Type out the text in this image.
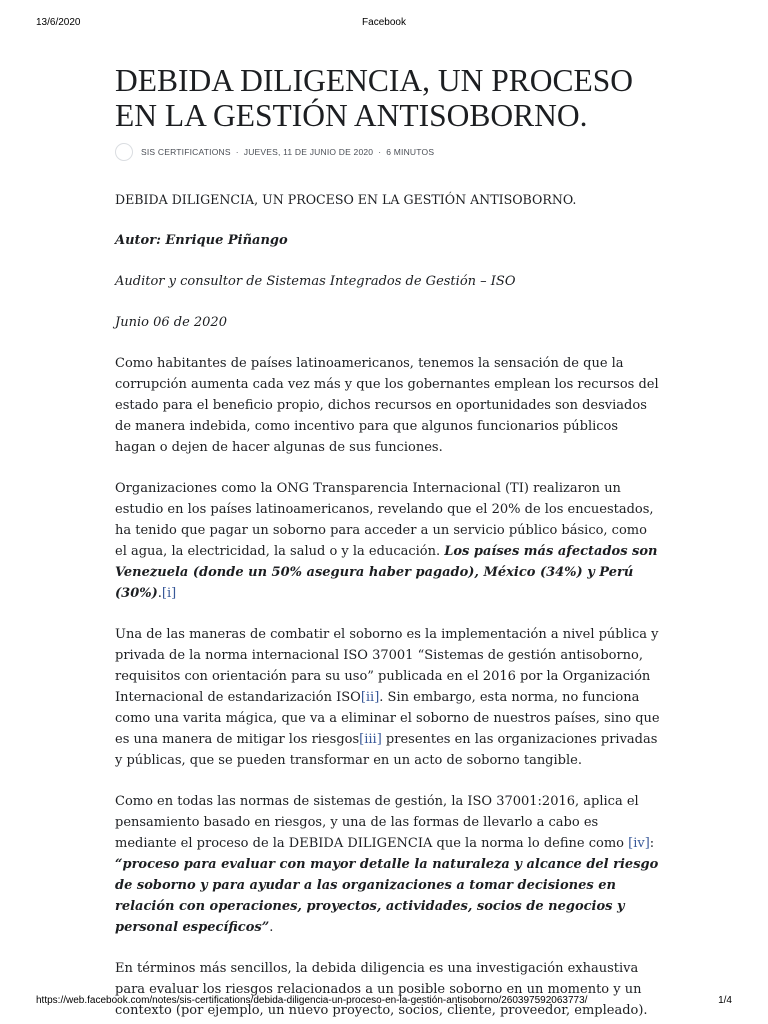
13/6/2020	Facebook
DEBIDA DILIGENCIA, UN PROCESO EN LA GESTIÓN ANTISOBORNO.
SIS CERTIFICATIONS · JUEVES, 11 DE JUNIO DE 2020 · 6 MINUTOS

DEBIDA DILIGENCIA, UN PROCESO EN LA GESTIÓN ANTISOBORNO.

Autor: Enrique Piñango

Auditor y consultor de Sistemas Integrados de Gestión – ISO

Junio 06 de 2020

Como habitantes de países latinoamericanos, tenemos la sensación de que la corrupción aumenta cada vez más y que los gobernantes emplean los recursos del estado para el beneficio propio, dichos recursos en oportunidades son desviados de manera indebida, como incentivo para que algunos funcionarios públicos hagan o dejen de hacer algunas de sus funciones.

Organizaciones como la ONG Transparencia Internacional (TI) realizaron un estudio en los países latinoamericanos, revelando que el 20% de los encuestados, ha tenido que pagar un soborno para acceder a un servicio público básico, como el agua, la electricidad, la salud o y la educación. Los países más afectados son Venezuela (donde un 50% asegura haber pagado), México (34%) y Perú (30%).[i]

Una de las maneras de combatir el soborno es la implementación a nivel pública y privada de la norma internacional ISO 37001 “Sistemas de gestión antisoborno, requisitos con orientación para su uso” publicada en el 2016 por la Organización Internacional de estandarización ISO[ii]. Sin embargo, esta norma, no funciona como una varita mágica, que va a eliminar el soborno de nuestros países, sino que es una manera de mitigar los riesgos[iii] presentes en las organizaciones privadas y públicas, que se pueden transformar en un acto de soborno tangible.

Como en todas las normas de sistemas de gestión, la ISO 37001:2016, aplica el pensamiento basado en riesgos, y una de las formas de llevarlo a cabo es mediante el proceso de la DEBIDA DILIGENCIA que la norma lo define como [iv]: “proceso para evaluar con mayor detalle la naturaleza y alcance del riesgo de soborno y para ayudar a las organizaciones a tomar decisiones en relación con operaciones, proyectos, actividades, socios de negocios y personal específicos”.

En términos más sencillos, la debida diligencia es una investigación exhaustiva para evaluar los riesgos relacionados a un posible soborno en un momento y un contexto (por ejemplo, un nuevo proyecto, socios, cliente, proveedor, empleado).

https://web.facebook.com/notes/sis-certifications/debida-diligencia-un-proceso-en-la-gestión-antisoborno/260397592063773/	1/4
